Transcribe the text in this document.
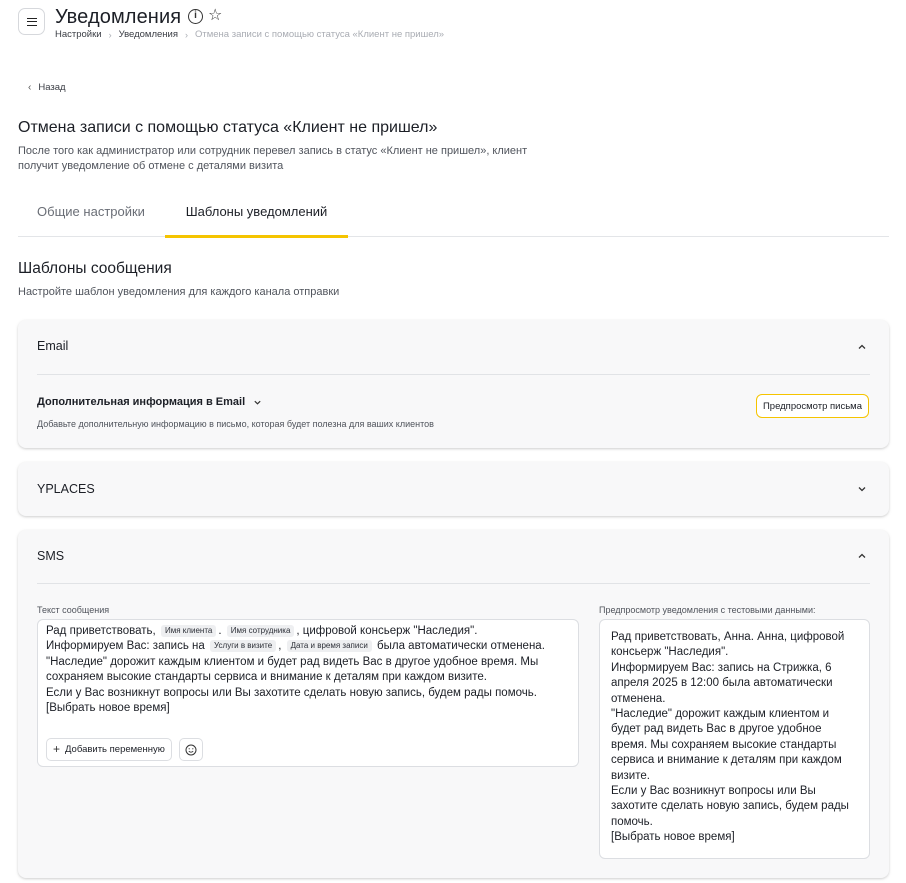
Уведомления	i ☆
Настройки › Уведомления › Отмена записи с помощью статуса «Клиент не пришел»
‹ Назад
Отмена записи с помощью статуса «Клиент не пришел»
После того как администратор или сотрудник перевел запись в статус «Клиент не пришел», клиент
получит уведомление об отмене с деталями визита
Общие настройки	Шаблоны уведомлений
Шаблоны сообщения
Настройте шаблон уведомления для каждого канала отправки
Email
Дополнительная информация в Email
Добавьте дополнительную информацию в письмо, которая будет полезна для ваших клиентов
Предпросмотр письма
YPLACES
SMS
Текст сообщения	Предпросмотр уведомления с тестовыми данными:
Рад приветствовать, Имя клиента . Имя сотрудника , цифровой консьерж "Наследия".
Информируем Вас: запись на Услуги в визите , Дата и время записи была автоматически отменена.
"Наследие" дорожит каждым клиентом и будет рад видеть Вас в другое удобное время. Мы
сохраняем высокие стандарты сервиса и внимание к деталям при каждом визите.
Если у Вас возникнут вопросы или Вы захотите сделать новую запись, будем рады помочь.
[Выбрать новое время]
+ Добавить переменную
Рад приветствовать, Анна. Анна, цифровой
консьерж "Наследия".
Информируем Вас: запись на Стрижка, 6
апреля 2025 в 12:00 была автоматически
отменена.
"Наследие" дорожит каждым клиентом и
будет рад видеть Вас в другое удобное
время. Мы сохраняем высокие стандарты
сервиса и внимание к деталям при каждом
визите.
Если у Вас возникнут вопросы или Вы
захотите сделать новую запись, будем рады
помочь.
[Выбрать новое время]
